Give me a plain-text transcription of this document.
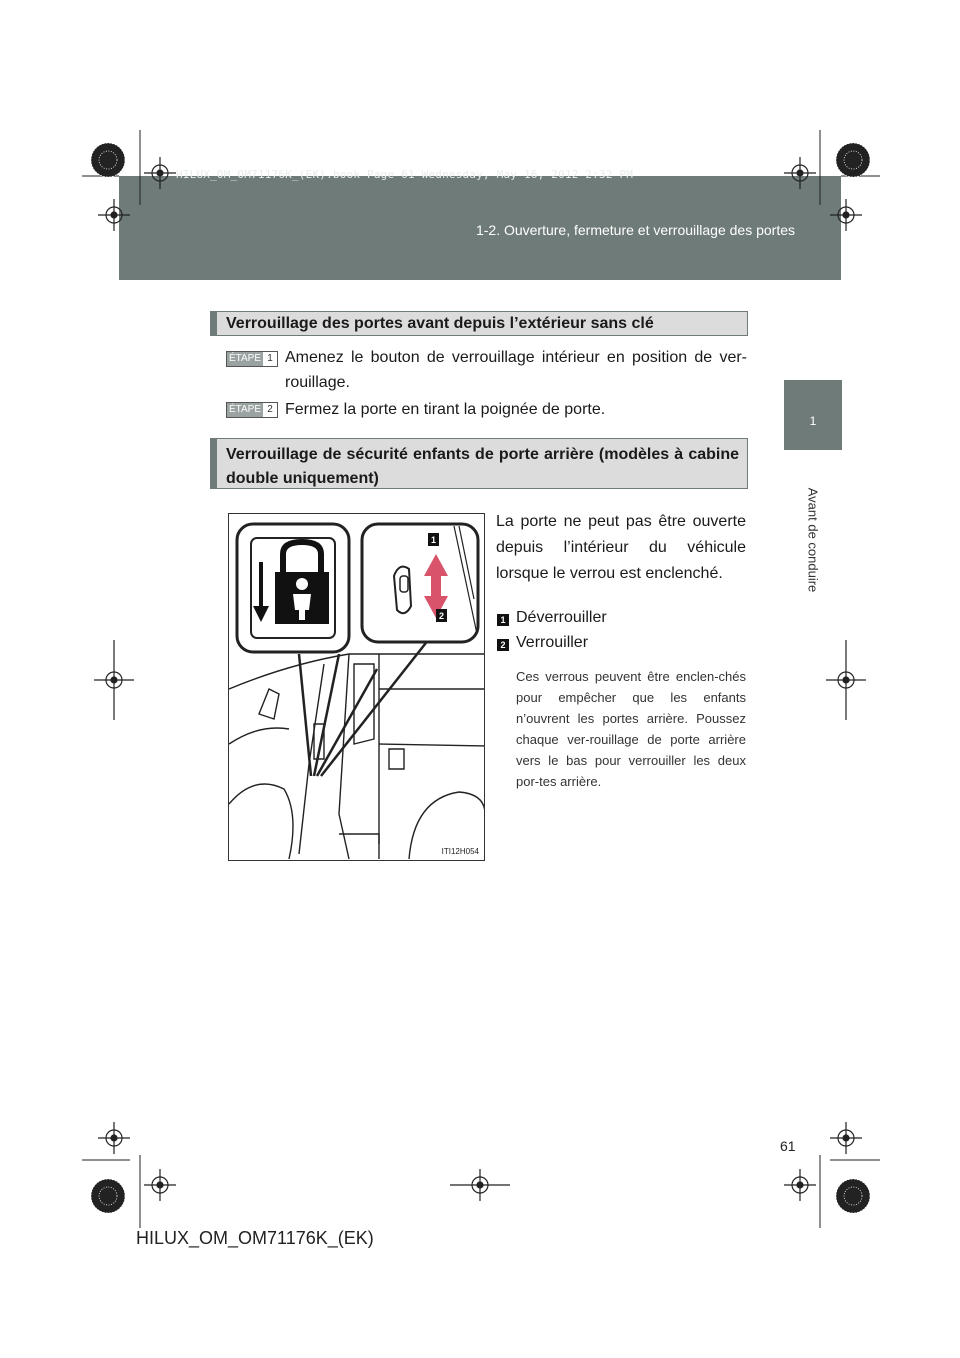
HILUX_OM_OM71176K_(EK).book Page 61 Wednesday, May 16, 2012 2:32 PM
1-2. Ouverture, fermeture et verrouillage des portes
1
Avant de conduire
Verrouillage des portes avant depuis l’extérieur sans clé
ÉTAPE 1 Amenez le bouton de verrouillage intérieur en position de ver-rouillage.
ÉTAPE 2 Fermez la porte en tirant la poignée de porte.
Verrouillage de sécurité enfants de porte arrière (modèles à cabine double uniquement)
La porte ne peut pas être ouverte depuis l’intérieur du véhicule lorsque le verrou est enclenché.
1 Déverrouiller
2 Verrouiller
Ces verrous peuvent être enclen-chés pour empêcher que les enfants n’ouvrent les portes arrière. Poussez chaque ver-rouillage de porte arrière vers le bas pour verrouiller les deux por-tes arrière.
1
2
ITI12H054
61
HILUX_OM_OM71176K_(EK)
